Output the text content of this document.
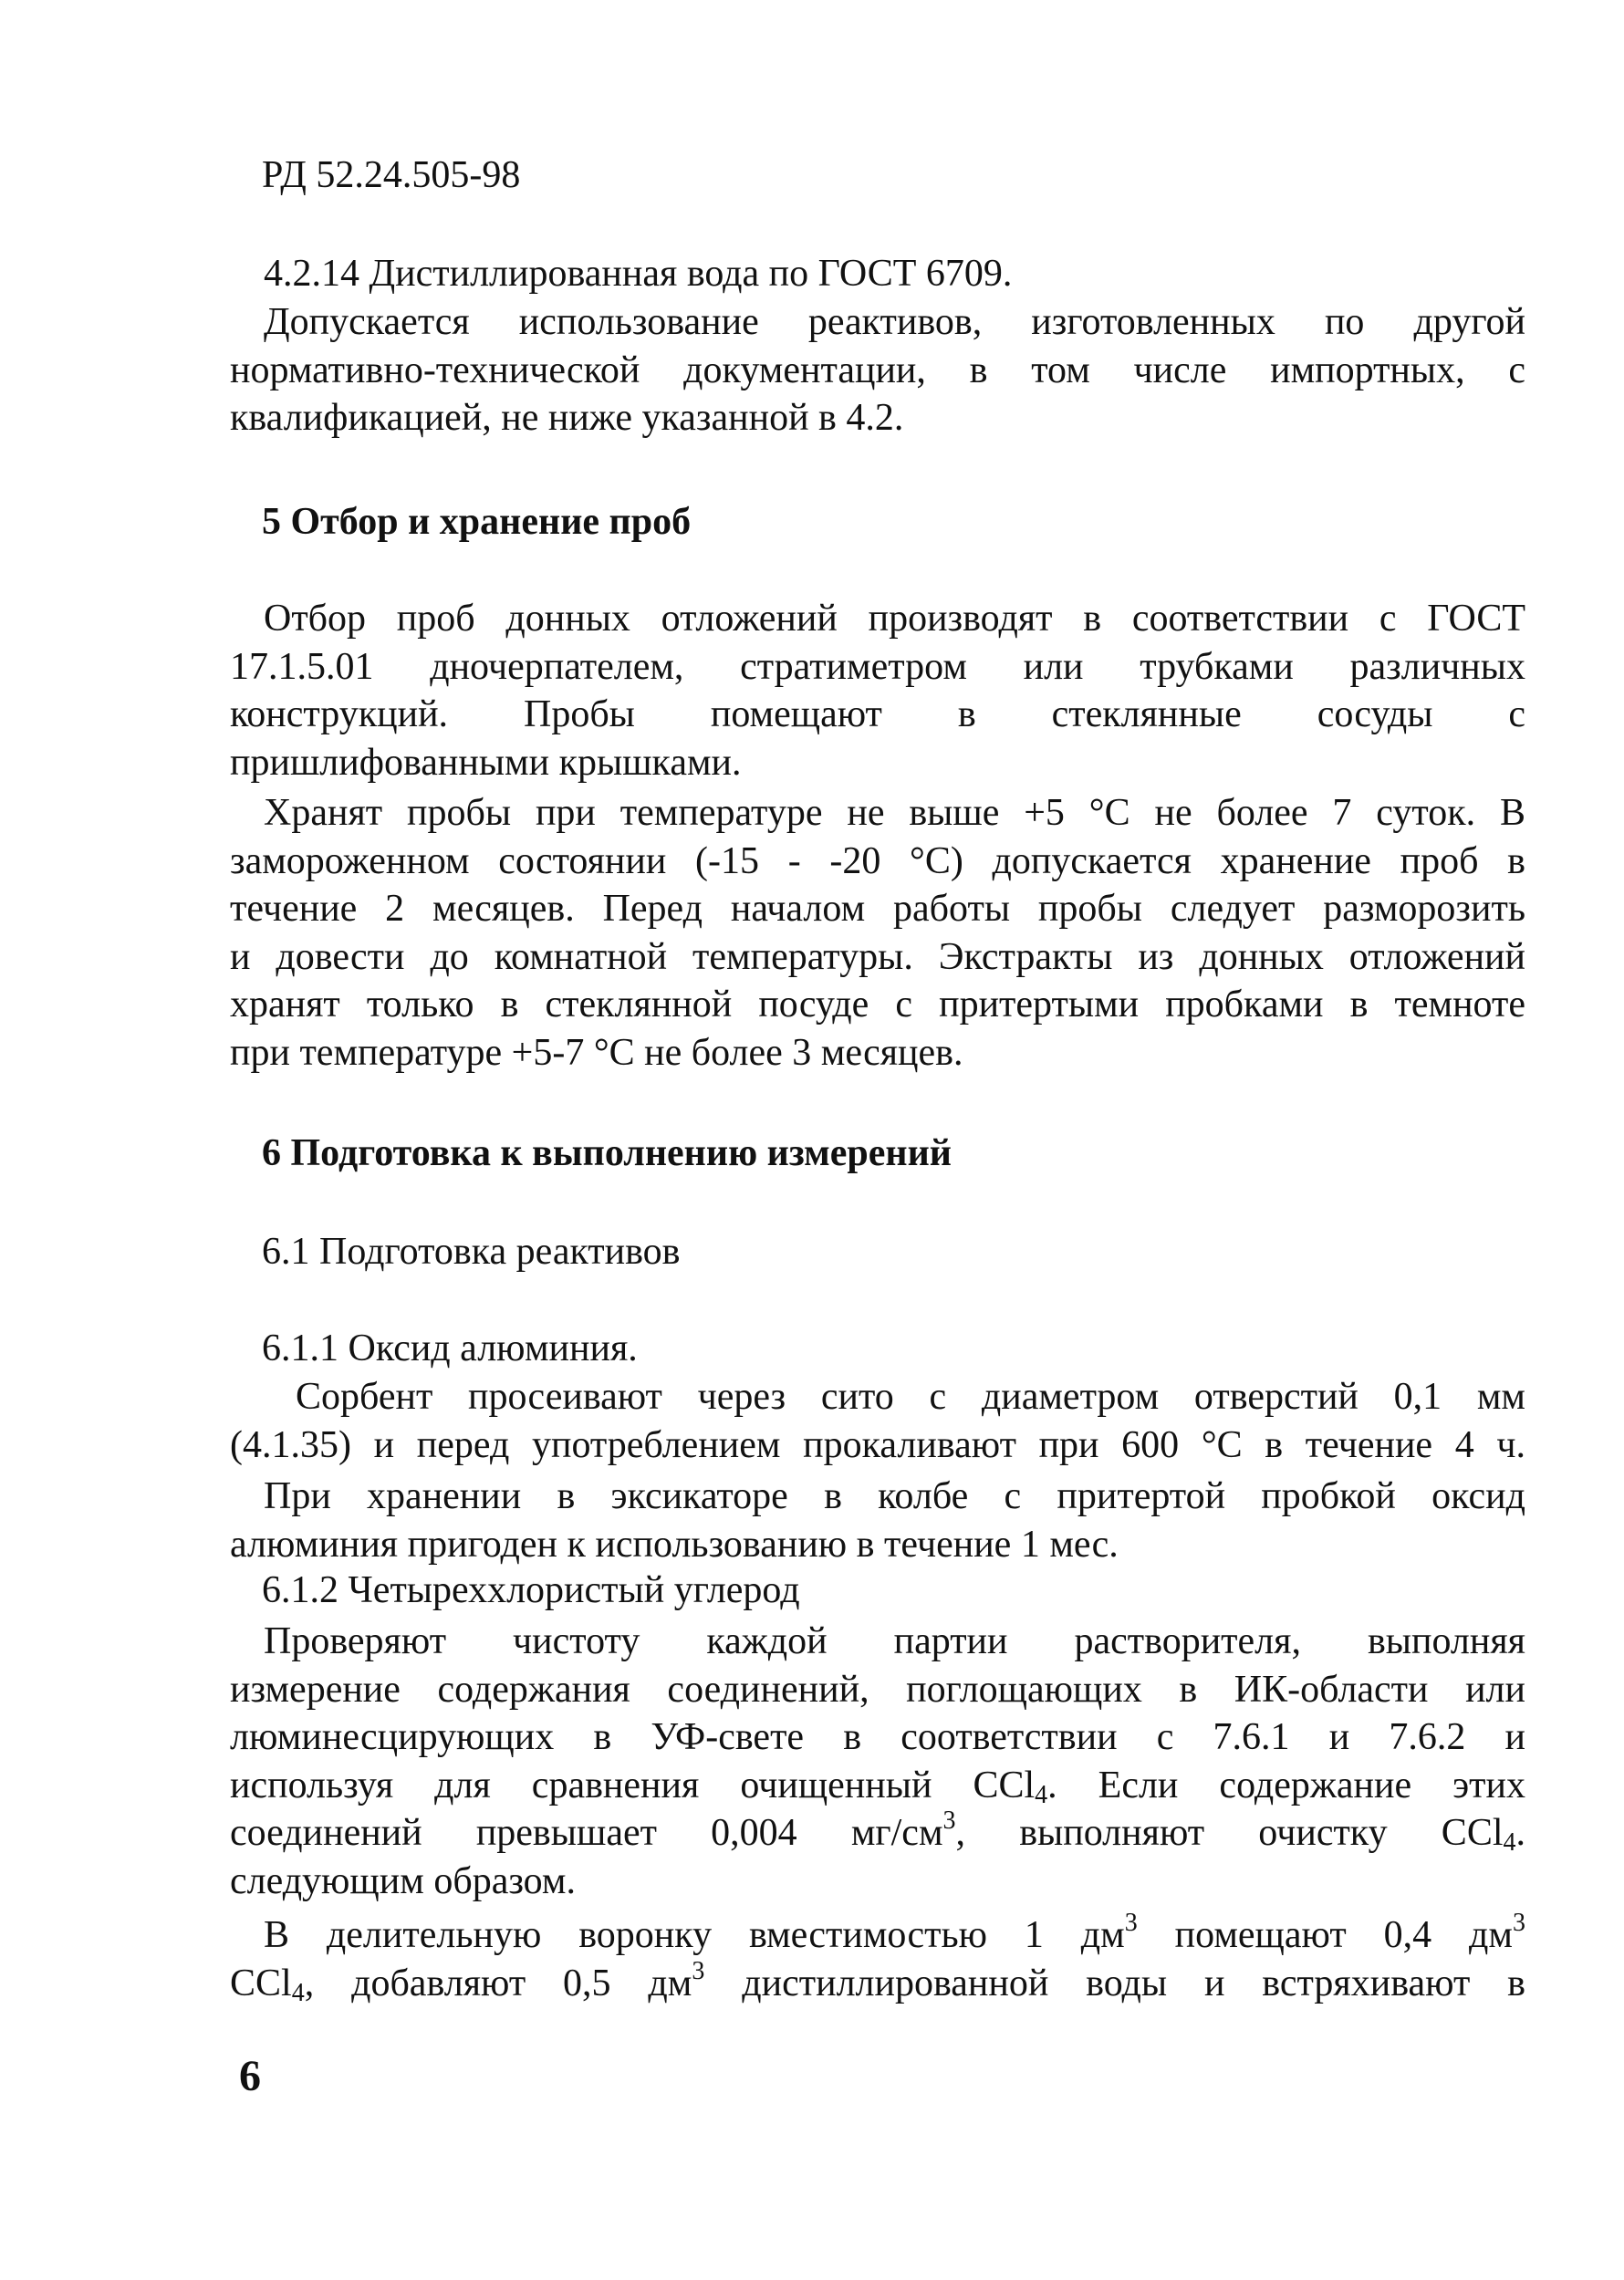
РД 52.24.505-98
4.2.14 Дистиллированная вода по ГОСТ 6709.
Допускается использование реактивов, изготовленных по другой
нормативно-технической документации, в том числе импортных, с
квалификацией, не ниже указанной в 4.2.
5 Отбор и хранение проб
Отбор проб донных отложений производят в соответствии с ГОСТ
17.1.5.01 дночерпателем, стратиметром или трубками различных
конструкций. Пробы помещают в стеклянные сосуды с
пришлифованными крышками.
Хранят пробы при температуре не выше +5 °С не более 7 суток. В
замороженном состоянии (-15 - -20 °С) допускается хранение проб в
течение 2 месяцев. Перед началом работы пробы следует разморозить
и довести до комнатной температуры. Экстракты из донных отложений
хранят только в стеклянной посуде с притертыми пробками в темноте
при температуре +5-7 °С не более 3 месяцев.
6 Подготовка к выполнению измерений
6.1 Подготовка реактивов
6.1.1 Оксид алюминия.
Сорбент просеивают через сито с диаметром отверстий 0,1 мм
(4.1.35) и перед употреблением прокаливают при 600 °С в течение 4 ч.
При хранении в эксикаторе в колбе с притертой пробкой оксид
алюминия пригоден к использованию в течение 1 мес.
6.1.2 Четыреххлористый углерод
Проверяют чистоту каждой партии растворителя, выполняя
измерение содержания соединений, поглощающих в ИК-области или
люминесцирующих в УФ-свете в соответствии с 7.6.1 и 7.6.2 и
используя для сравнения очищенный CCl$_4$. Если содержание этих
соединений превышает 0,004 $мг/см^3$, выполняют очистку CCl$_4$.
следующим образом.
В делительную воронку вместимостью 1 $дм^3$ помещают 0,4 $дм^3$
CCl$_4$, добавляют 0,5 $дм^3$ дистиллированной воды и встряхивают в
6
